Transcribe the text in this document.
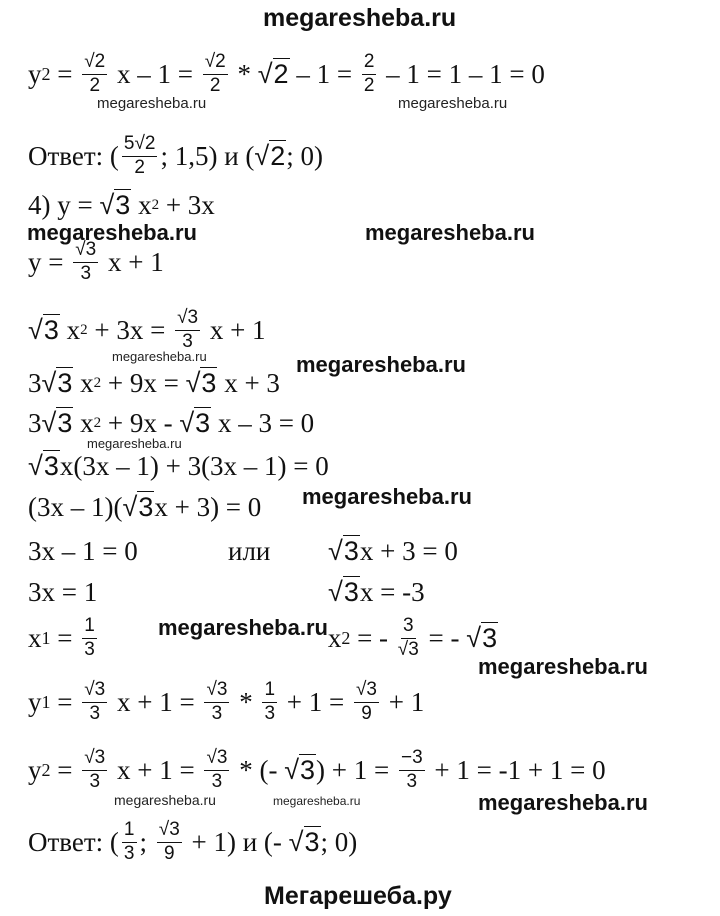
megaresheba.ru
Мегарешеба.ру
megaresheba.ru	megaresheba.ru
megaresheba.ru	megaresheba.ru
megaresheba.ru	megaresheba.ru
megaresheba.ru
megaresheba.ru
megaresheba.ru
megaresheba.ru
megaresheba.ru	megaresheba.ru	megaresheba.ru
y $2 = \frac{√2}{2}$ $x - 1 = \frac{√2}{2} * √2 - 1 = \frac{2}{2} - 1 = 1 - 1 = 0$
Ответ: ( $\frac{5√2}{2}$ ; 1,5) и ( √2 ; 0)
4) y = √3 x 2 + 3x
$y = \frac{√3}{3}$ x + 1
√3 x $2 + 3x = \frac{√3}{3}$ x + 1
3 √3 x 2 + 9x = √3 x + 3
3 √3 x 2 + 9x - √3 x – 3 = 0
√3 x(3x – 1) + 3(3x – 1) = 0
(3x – 1)( √3 x + 3) = 0
3x – 1 = 0	или	√3 x + 3 = 0
3x = 1	√3 x = -3
x $1 = \frac{1}{3}$	x 2 = - $\frac{3}{√3}$ = - √3
y $1 = \frac{√3}{3}$ $x + 1 = \frac{√3}{3} * \frac{1}{3} + 1 = \frac{√3}{9} + 1$
y $2 = \frac{√3}{3}$ $x + 1 = \frac{√3}{3}$ * (- √3 ) + $1 = \frac{-3}{3} + 1 = -1 + 1 = 0$
Ответ: ( $\frac{1}{3}$ ; $\frac{√3}{9} + 1$) и (- √3 ; 0)
